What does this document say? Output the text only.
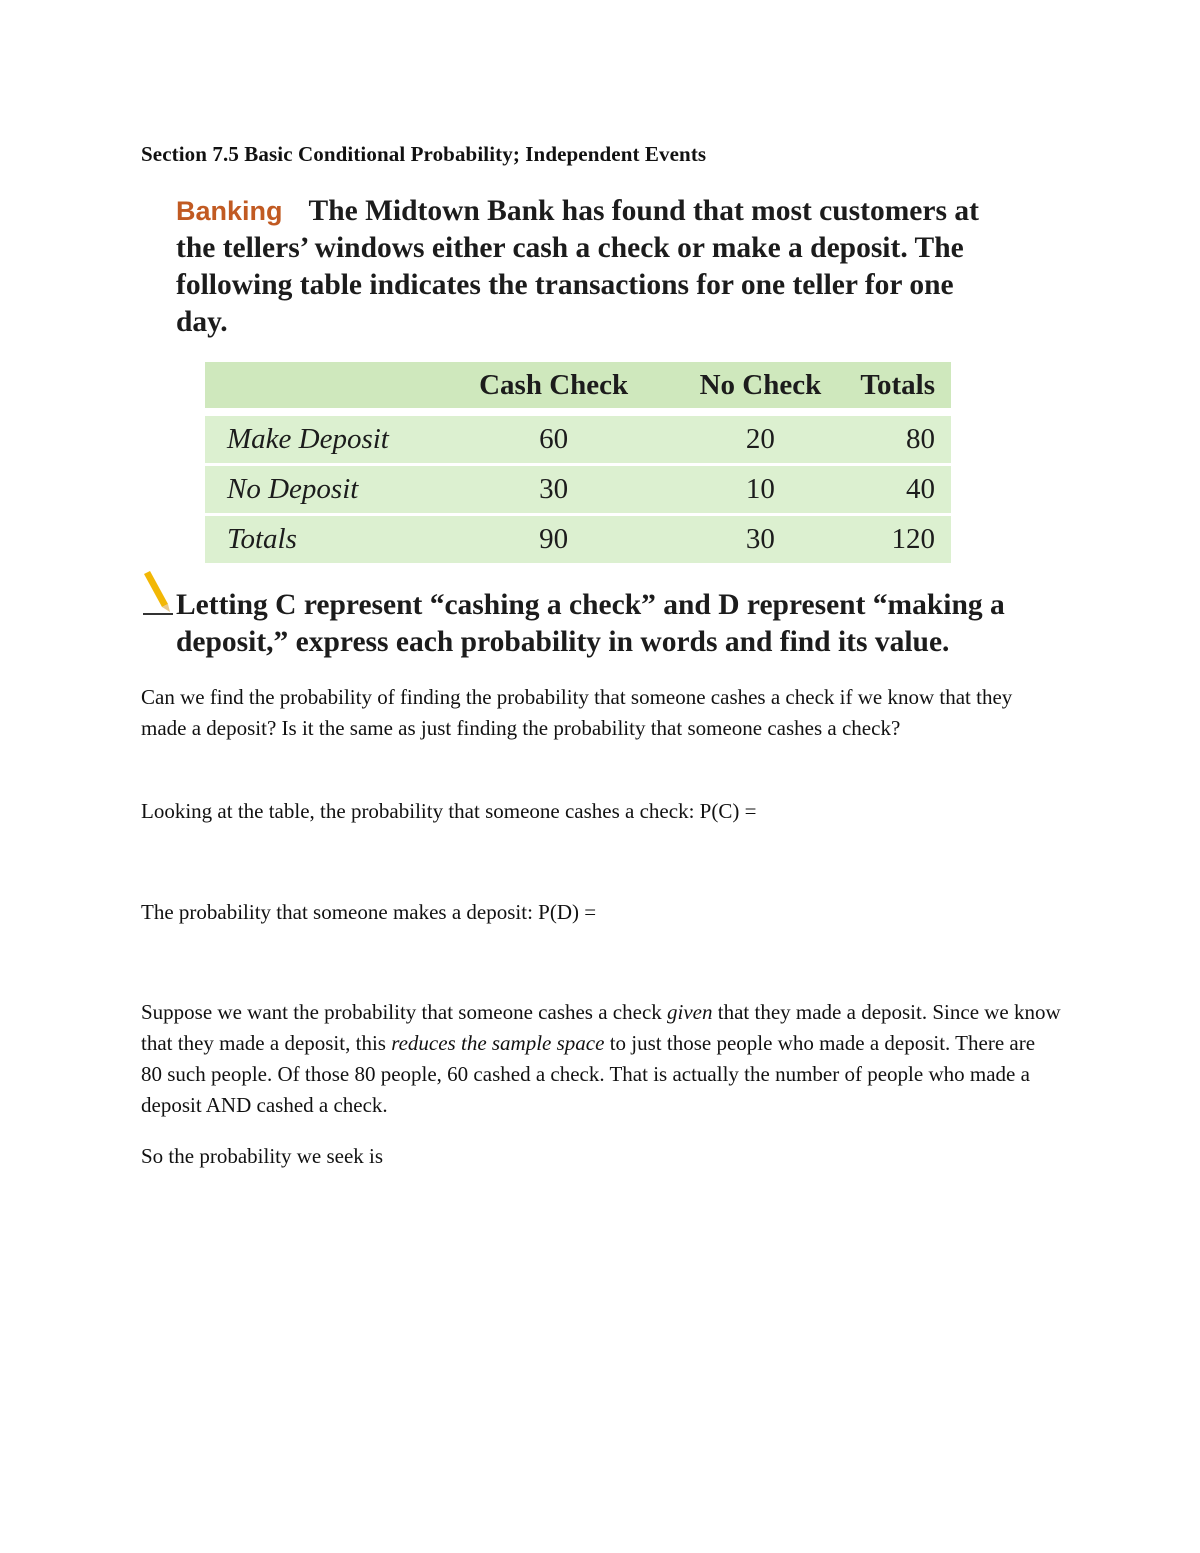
Section 7.5 Basic Conditional Probability; Independent Events
Banking The Midtown Bank has found that most customers at the tellers’ windows either cash a check or make a deposit. The following table indicates the transactions for one teller for one day.
	Cash Check	No Check	Totals
Make Deposit	60	20	80
No Deposit	30	10	40
Totals	90	30	120
Letting C represent “cashing a check” and D represent “making a deposit,” express each probability in words and find its value.
Can we find the probability of finding the probability that someone cashes a check if we know that they made a deposit? Is it the same as just finding the probability that someone cashes a check?
Looking at the table, the probability that someone cashes a check: P(C) =
The probability that someone makes a deposit: P(D) =
Suppose we want the probability that someone cashes a check given that they made a deposit. Since we know that they made a deposit, this reduces the sample space to just those people who made a deposit. There are 80 such people. Of those 80 people, 60 cashed a check. That is actually the number of people who made a deposit AND cashed a check.
So the probability we seek is
